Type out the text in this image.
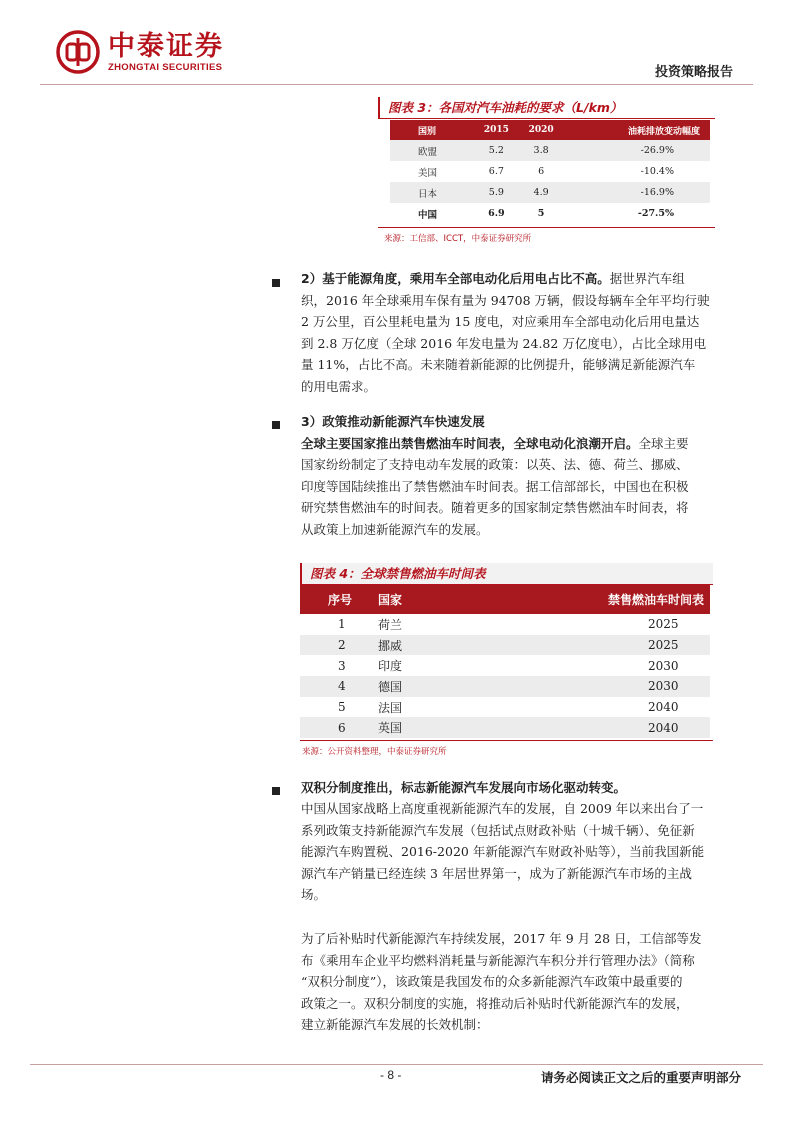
中泰证券
ZHONGTAI SECURITIES	投资策略报告
图表 3：各国对汽车油耗的要求（L/km）
国别	2015	2020	油耗排放变动幅度
欧盟	5.2	3.8	-26.9%
美国	6.7	6	-10.4%
日本	5.9	4.9	-16.9%
中国	6.9	5	-27.5%
来源：工信部、ICCT，中泰证券研究所
2）基于能源角度，乘用车全部电动化后用电占比不高。据世界汽车组
织，2016 年全球乘用车保有量为 94708 万辆，假设每辆车全年平均行驶
2 万公里，百公里耗电量为 15 度电，对应乘用车全部电动化后用电量达
到 2.8 万亿度（全球 2016 年发电量为 24.82 万亿度电），占比全球用电
量 11%，占比不高。未来随着新能源的比例提升，能够满足新能源汽车
的用电需求。
3）政策推动新能源汽车快速发展
全球主要国家推出禁售燃油车时间表，全球电动化浪潮开启。全球主要
国家纷纷制定了支持电动车发展的政策：以英、法、德、荷兰、挪威、
印度等国陆续推出了禁售燃油车时间表。据工信部部长，中国也在积极
研究禁售燃油车的时间表。随着更多的国家制定禁售燃油车时间表，将
从政策上加速新能源汽车的发展。
图表 4：全球禁售燃油车时间表
序号	国家	禁售燃油车时间表
1	荷兰	2025
2	挪威	2025
3	印度	2030
4	德国	2030
5	法国	2040
6	英国	2040
来源：公开资料整理，中泰证券研究所
双积分制度推出，标志新能源汽车发展向市场化驱动转变。
中国从国家战略上高度重视新能源汽车的发展，自 2009 年以来出台了一
系列政策支持新能源汽车发展（包括试点财政补贴（十城千辆）、免征新
能源汽车购置税、2016-2020 年新能源汽车财政补贴等），当前我国新能
源汽车产销量已经连续 3 年居世界第一，成为了新能源汽车市场的主战
场。
为了后补贴时代新能源汽车持续发展，2017 年 9 月 28 日，工信部等发
布《乘用车企业平均燃料消耗量与新能源汽车积分并行管理办法》（简称
“双积分制度”），该政策是我国发布的众多新能源汽车政策中最重要的
政策之一。双积分制度的实施，将推动后补贴时代新能源汽车的发展，
建立新能源汽车发展的长效机制：
- 8 -	请务必阅读正文之后的重要声明部分
